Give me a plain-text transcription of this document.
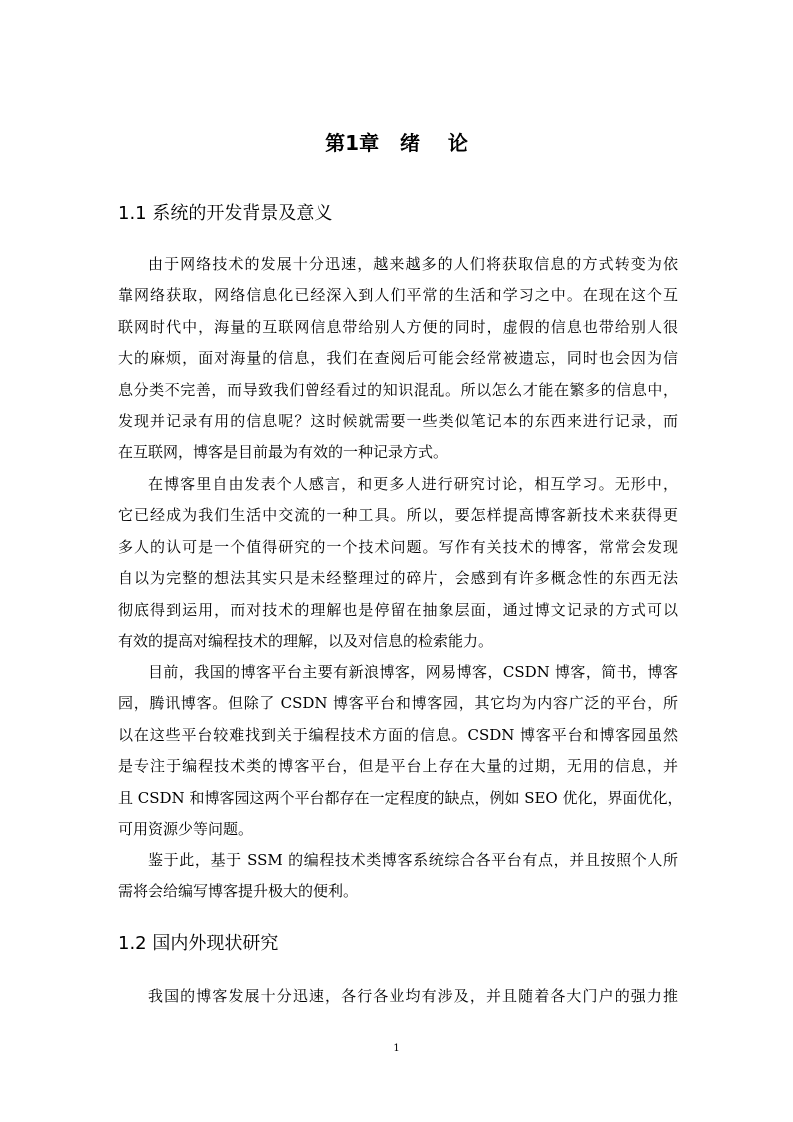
第1章   绪    论
1.1 系统的开发背景及意义
由于网络技术的发展十分迅速，越来越多的人们将获取信息的方式转变为依
靠网络获取，网络信息化已经深入到人们平常的生活和学习之中。在现在这个互
联网时代中，海量的互联网信息带给别人方便的同时，虚假的信息也带给别人很
大的麻烦，面对海量的信息，我们在查阅后可能会经常被遗忘，同时也会因为信
息分类不完善，而导致我们曾经看过的知识混乱。所以怎么才能在繁多的信息中，
发现并记录有用的信息呢？这时候就需要一些类似笔记本的东西来进行记录，而
在互联网，博客是目前最为有效的一种记录方式。
在博客里自由发表个人感言，和更多人进行研究讨论，相互学习。无形中，
它已经成为我们生活中交流的一种工具。所以，要怎样提高博客新技术来获得更
多人的认可是一个值得研究的一个技术问题。写作有关技术的博客，常常会发现
自以为完整的想法其实只是未经整理过的碎片，会感到有许多概念性的东西无法
彻底得到运用，而对技术的理解也是停留在抽象层面，通过博文记录的方式可以
有效的提高对编程技术的理解，以及对信息的检索能力。
目前，我国的博客平台主要有新浪博客，网易博客，CSDN 博客，简书，博客
园，腾讯博客。但除了 CSDN 博客平台和博客园，其它均为内容广泛的平台，所
以在这些平台较难找到关于编程技术方面的信息。CSDN 博客平台和博客园虽然
是专注于编程技术类的博客平台，但是平台上存在大量的过期，无用的信息，并
且 CSDN 和博客园这两个平台都存在一定程度的缺点，例如 SEO 优化，界面优化，
可用资源少等问题。
鉴于此，基于 SSM 的编程技术类博客系统综合各平台有点，并且按照个人所
需将会给编写博客提升极大的便利。
1.2 国内外现状研究
我国的博客发展十分迅速，各行各业均有涉及，并且随着各大门户的强力推
1
